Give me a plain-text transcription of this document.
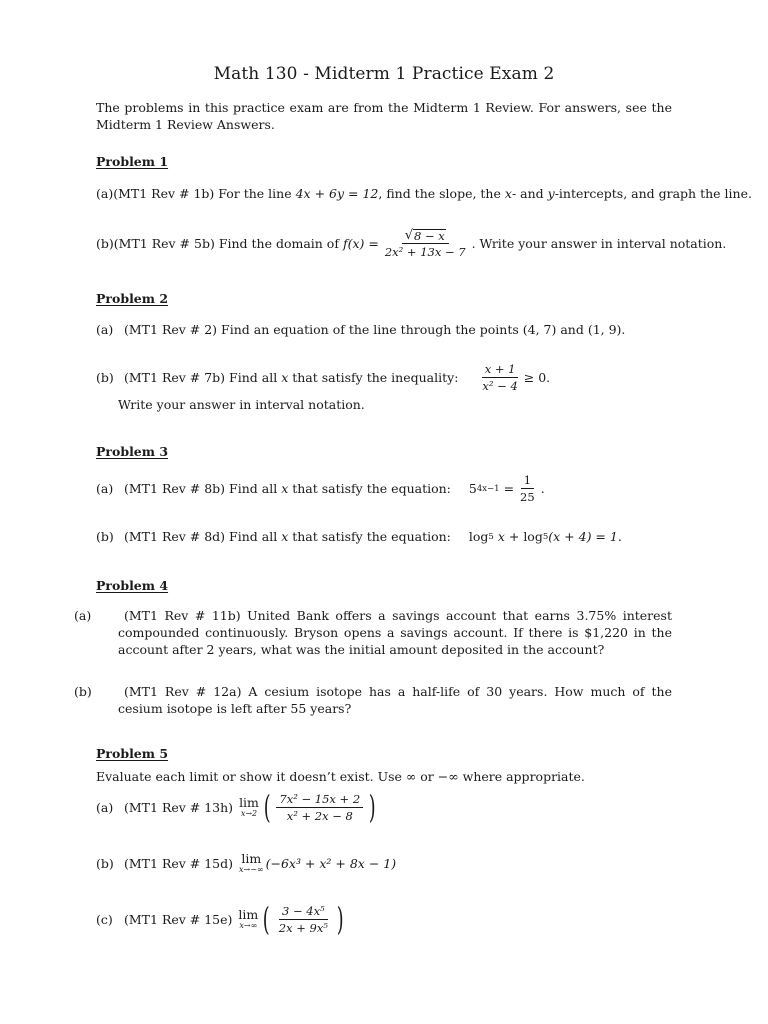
Math 130 - Midterm 1 Practice Exam 2
The problems in this practice exam are from the Midterm 1 Review. For answers, see the Midterm 1 Review Answers.
Problem 1
(a) (MT1 Rev # 1b)
For the line
4x + 6y = 12 , find the slope, the
x - and
y -intercepts, and graph the line.
(b) (MT1 Rev # 5b)
Find the domain of
$f(x) = \frac{√ 8 - x}{\text{2x² + 13x − 7}}$ . Write your answer in interval notation.
Problem 2
(a) (MT1 Rev # 2)
Find an equation of the line through the points (4, 7) and (1, 9).
(b) (MT1 Rev # 7b)
Find all
x
that satisfy the inequality: $\frac{x + 1}{\text{x² − 4}} \ge 0$.
Write your answer in interval notation.
Problem 3
(a) (MT1 Rev # 8b)
Find all
x
that satisfy the equation: 5 4x−1
= $\frac{1}{25}$ .
(b) (MT1 Rev # 8d)
Find all
x
that satisfy the equation: log 5
x +
log 5 (x + 4) = 1.
Problem 4
(a)	(MT1 Rev # 11b) United Bank offers a savings account that earns 3.75% interest compounded continuously. Bryson opens a savings account. If there is $1,220 in the account after 2 years, what was the initial amount deposited in the account?
(b)	(MT1 Rev # 12a) A cesium isotope has a half-life of 30 years. How much of the cesium isotope is left after 55 years?
Problem 5
Evaluate each limit or show it doesn’t exist. Use ∞ or −∞ where appropriate.
(a) (MT1 Rev # 13h)
lim
x→2 ( $\frac{\text{7x² − 15x + 2}}{\text{x² + 2x − 8}}$ )
(b) (MT1 Rev # 15d)
lim
x→−∞ (−6x³ + x² + 8x − 1)
(c) (MT1 Rev # 15e)
lim
x→∞ ( $\frac{\text{3 − 4x⁵}}{\text{2x + 9x⁵}}$ )
